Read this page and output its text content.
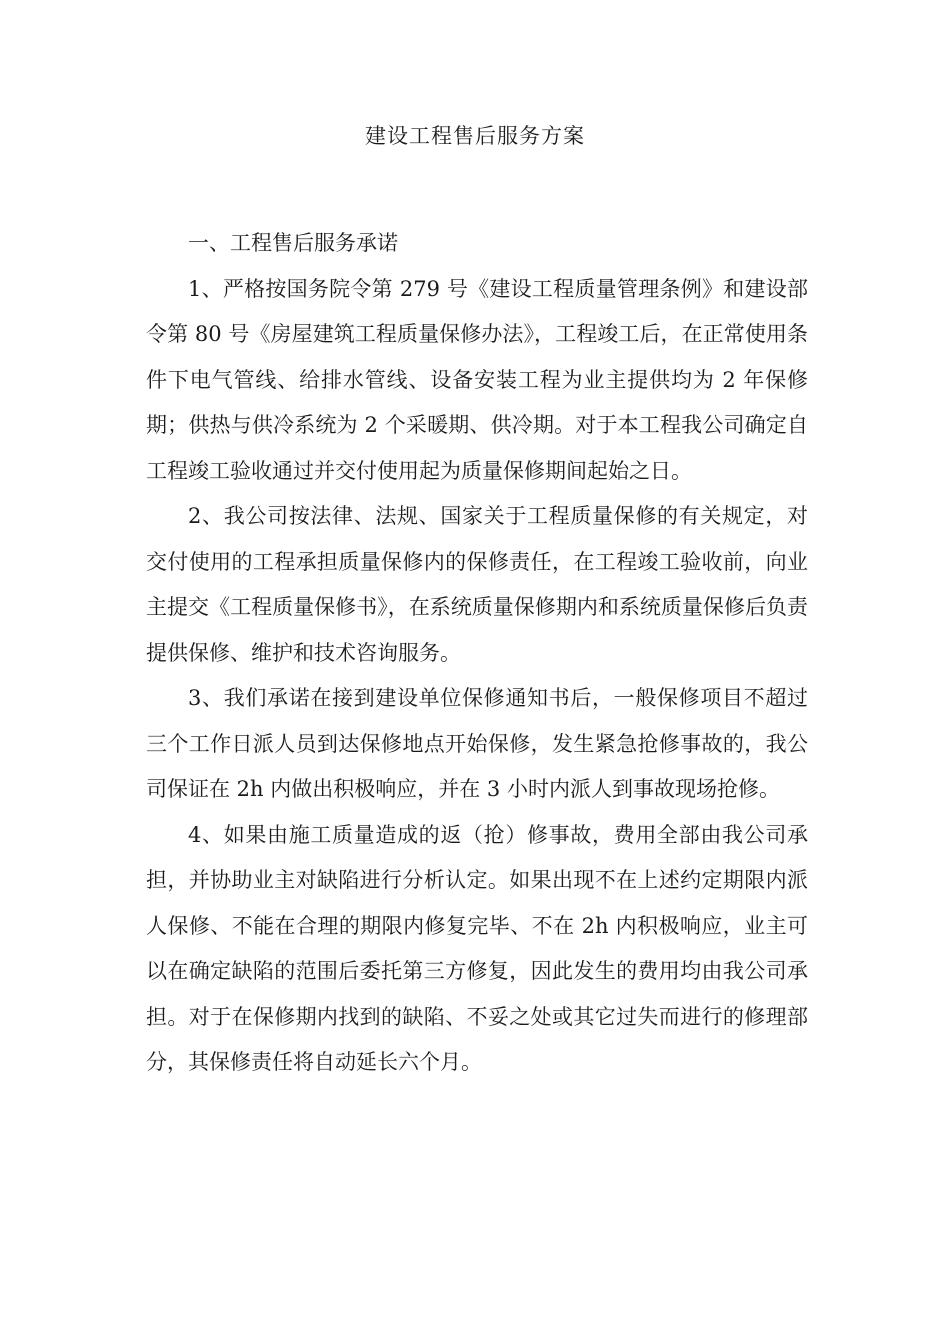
建设工程售后服务方案

一、工程售后服务承诺

1、严格按国务院令第 279 号《建设工程质量管理条例》和建设部令第 80 号《房屋建筑工程质量保修办法》，工程竣工后，在正常使用条件下电气管线、给排水管线、设备安装工程为业主提供均为 2 年保修期；供热与供冷系统为 2 个采暖期、供冷期。对于本工程我公司确定自工程竣工验收通过并交付使用起为质量保修期间起始之日。

2、我公司按法律、法规、国家关于工程质量保修的有关规定，对交付使用的工程承担质量保修内的保修责任，在工程竣工验收前，向业主提交《工程质量保修书》，在系统质量保修期内和系统质量保修后负责提供保修、维护和技术咨询服务。

3、我们承诺在接到建设单位保修通知书后，一般保修项目不超过三个工作日派人员到达保修地点开始保修，发生紧急抢修事故的，我公司保证在 2h 内做出积极响应，并在 3 小时内派人到事故现场抢修。

4、如果由施工质量造成的返（抢）修事故，费用全部由我公司承担，并协助业主对缺陷进行分析认定。如果出现不在上述约定期限内派人保修、不能在合理的期限内修复完毕、不在 2h 内积极响应，业主可以在确定缺陷的范围后委托第三方修复，因此发生的费用均由我公司承担。对于在保修期内找到的缺陷、不妥之处或其它过失而进行的修理部分，其保修责任将自动延长六个月。
